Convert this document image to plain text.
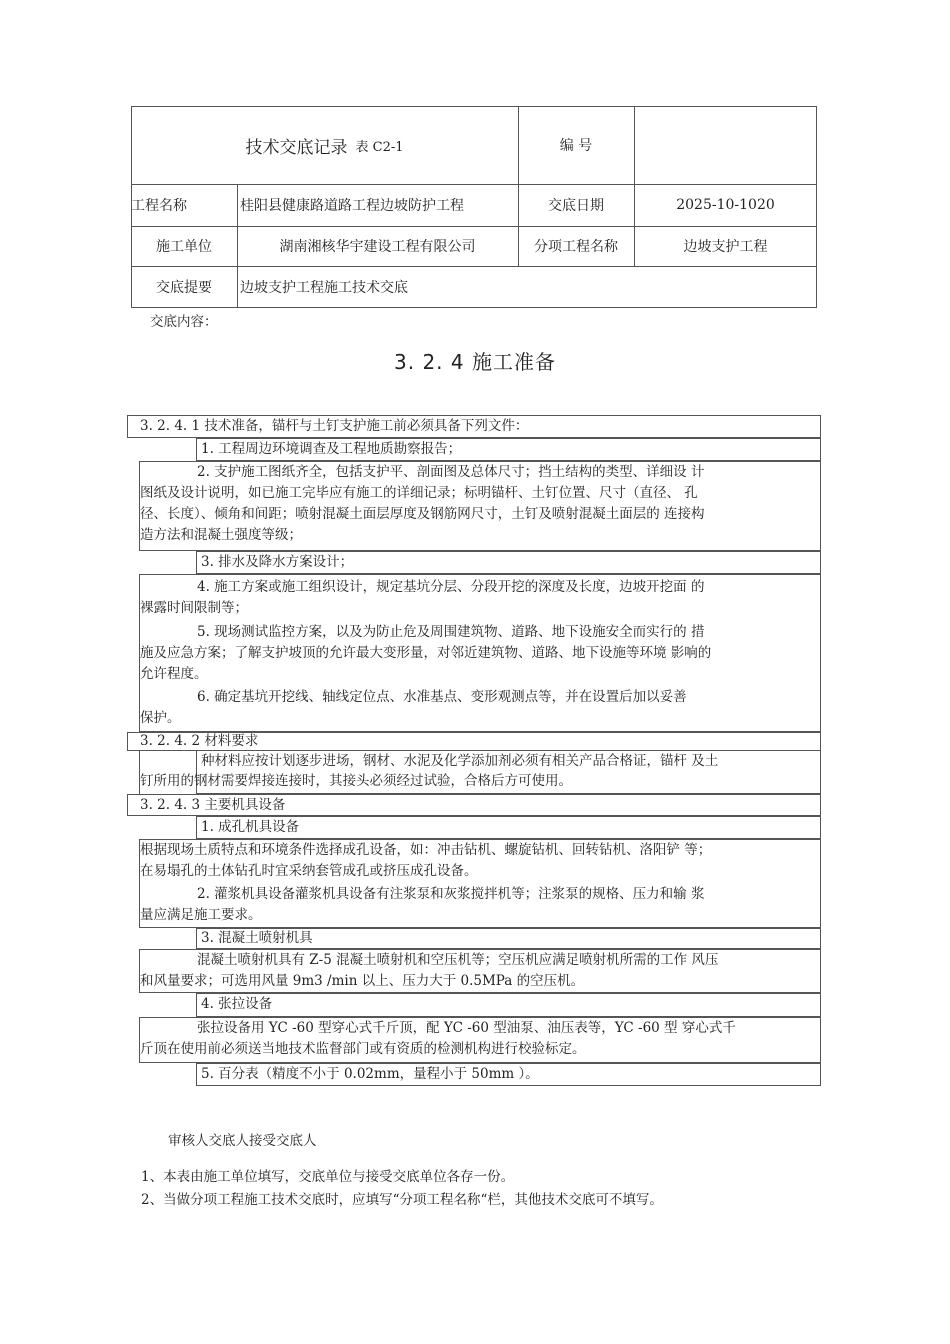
技术交底记录 表 C2-1	编 号
工程名称	桂阳县健康路道路工程边坡防护工程	交底日期	2025-10-1020
施工单位	湖南湘核华宇建设工程有限公司	分项工程名称	边坡支护工程
交底提要	边坡支护工程施工技术交底
交底内容：
3. 2. 4 施工准备
3. 2. 4. 1 技术准备，锚杆与土钉支护施工前必须具备下列文件：
1. 工程周边环境调查及工程地质勘察报告；
2. 支护施工图纸齐全，包括支护平、剖面图及总体尺寸；挡土结构的类型、详细设 计
图纸及设计说明，如已施工完毕应有施工的详细记录；标明锚杆、土钉位置、尺寸（直径、 孔
径、长度）、倾角和间距；喷射混凝土面层厚度及钢筋网尺寸，土钉及喷射混凝土面层的 连接构
造方法和混凝土强度等级；
3. 排水及降水方案设计；
4. 施工方案或施工组织设计，规定基坑分层、分段开挖的深度及长度，边坡开挖面 的
裸露时间限制等；
5. 现场测试监控方案，以及为防止危及周围建筑物、道路、地下设施安全而实行的 措
施及应急方案；了解支护坡顶的允许最大变形量，对邻近建筑物、道路、地下设施等环境 影响的
允许程度。
6. 确定基坑开挖线、轴线定位点、水准基点、变形观测点等，并在设置后加以妥善
保护。
3. 2. 4. 2 材料要求
种材料应按计划逐步进场，钢材、水泥及化学添加剂必须有相关产品合格证，锚杆 及土
钉所用的钢材需要焊接连接时，其接头必须经过试验，合格后方可使用。
3. 2. 4. 3 主要机具设备
1. 成孔机具设备
根据现场土质特点和环境条件选择成孔设备，如：冲击钻机、螺旋钻机、回转钻机、洛阳铲 等；
在易塌孔的土体钻孔时宜采纳套管成孔或挤压成孔设备。
2. 灌浆机具设备灌浆机具设备有注浆泵和灰浆搅拌机等；注浆泵的规格、压力和输 浆
量应满足施工要求。
3. 混凝土喷射机具
混凝土喷射机具有 Z-5 混凝土喷射机和空压机等；空压机应满足喷射机所需的工作 风压
和风量要求；可选用风量 9m3 /min 以上、压力大于 0.5MPa 的空压机。
4. 张拉设备
张拉设备用 YC -60 型穿心式千斤顶，配 YC -60 型油泵、油压表等，YC -60 型 穿心式千
斤顶在使用前必须送当地技术监督部门或有资质的检测机构进行校验标定。
5. 百分表（精度不小于 0.02mm，量程小于 50mm ）。
审核人交底人接受交底人
1、本表由施工单位填写，交底单位与接受交底单位各存一份。
2、当做分项工程施工技术交底时，应填写“分项工程名称“栏，其他技术交底可不填写。
